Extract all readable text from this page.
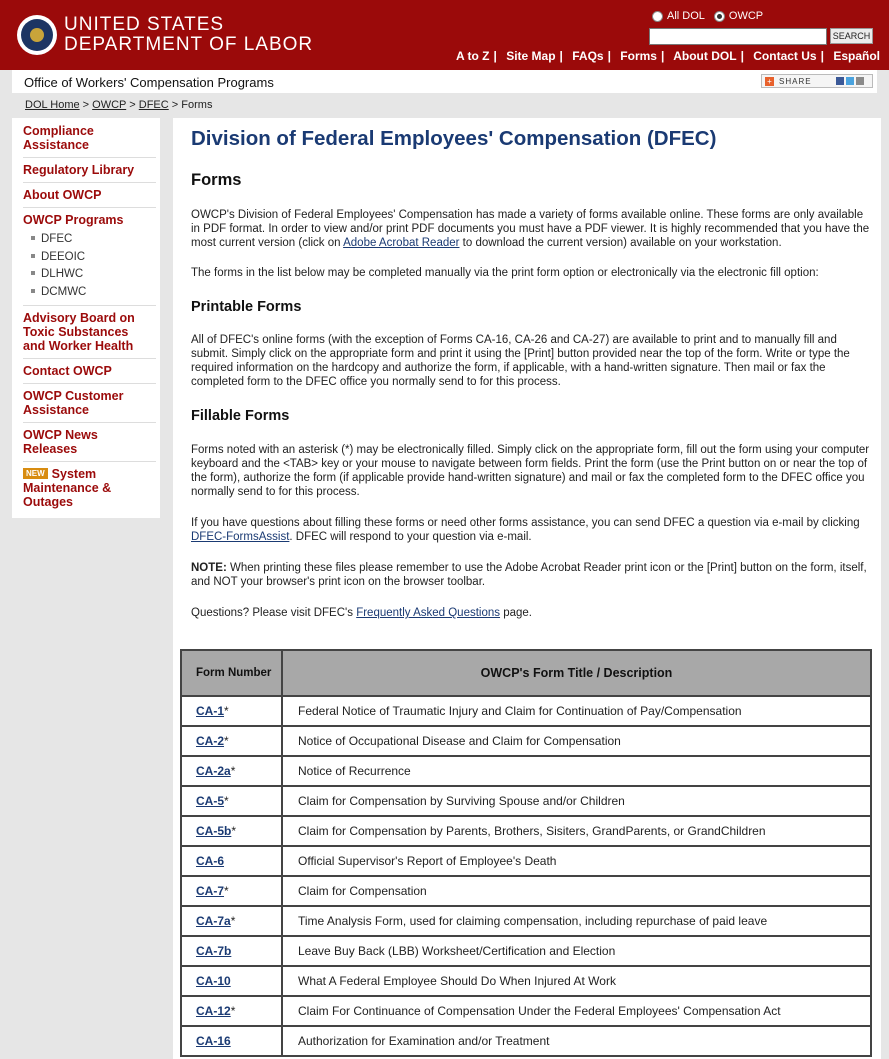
UNITED STATES
DEPARTMENT OF LABOR
All DOL OWCP
SEARCH
A to Z | Site Map | FAQs | Forms | About DOL | Contact Us | Español
Office of Workers' Compensation Programs	+ SHARE
DOL Home > OWCP > DFEC > Forms
Compliance Assistance
Regulatory Library
About OWCP
OWCP Programs
DFEC
DEEOIC
DLHWC
DCMWC
Advisory Board on Toxic Substances and Worker Health
Contact OWCP
OWCP Customer Assistance
OWCP News Releases
NEW System Maintenance & Outages
Division of Federal Employees' Compensation (DFEC)
Forms

OWCP's Division of Federal Employees' Compensation has made a variety of forms available online. These forms are only available in PDF format. In order to view and/or print PDF documents you must have a PDF viewer. It is highly recommended that you have the most current version (click on Adobe Acrobat Reader to download the current version) available on your workstation.

The forms in the list below may be completed manually via the print form option or electronically via the electronic fill option:

Printable Forms

All of DFEC's online forms (with the exception of Forms CA-16, CA-26 and CA-27) are available to print and to manually fill and submit. Simply click on the appropriate form and print it using the [Print] button provided near the top of the form. Write or type the required information on the hardcopy and authorize the form, if applicable, with a hand-written signature. Then mail or fax the completed form to the DFEC office you normally send to for this process.

Fillable Forms

Forms noted with an asterisk (*) may be electronically filled. Simply click on the appropriate form, fill out the form using your computer keyboard and the <TAB> key or your mouse to navigate between form fields. Print the form (use the Print button on or near the top of the form), authorize the form (if applicable provide hand-written signature) and mail or fax the completed form to the DFEC office you normally send to for this process.

If you have questions about filling these forms or need other forms assistance, you can send DFEC a question via e-mail by clicking DFEC-FormsAssist. DFEC will respond to your question via e-mail.

NOTE: When printing these files please remember to use the Adobe Acrobat Reader print icon or the [Print] button on the form, itself, and NOT your browser's print icon on the browser toolbar.

Questions? Please visit DFEC's Frequently Asked Questions page.

Form Number	OWCP's Form Title / Description
CA-1*	Federal Notice of Traumatic Injury and Claim for Continuation of Pay/Compensation
CA-2*	Notice of Occupational Disease and Claim for Compensation
CA-2a*	Notice of Recurrence
CA-5*	Claim for Compensation by Surviving Spouse and/or Children
CA-5b*	Claim for Compensation by Parents, Brothers, Sisiters, GrandParents, or GrandChildren
CA-6	Official Supervisor's Report of Employee's Death
CA-7*	Claim for Compensation
CA-7a*	Time Analysis Form, used for claiming compensation, including repurchase of paid leave
CA-7b	Leave Buy Back (LBB) Worksheet/Certification and Election
CA-10	What A Federal Employee Should Do When Injured At Work
CA-12*	Claim For Continuance of Compensation Under the Federal Employees' Compensation Act
CA-16	Authorization for Examination and/or Treatment
